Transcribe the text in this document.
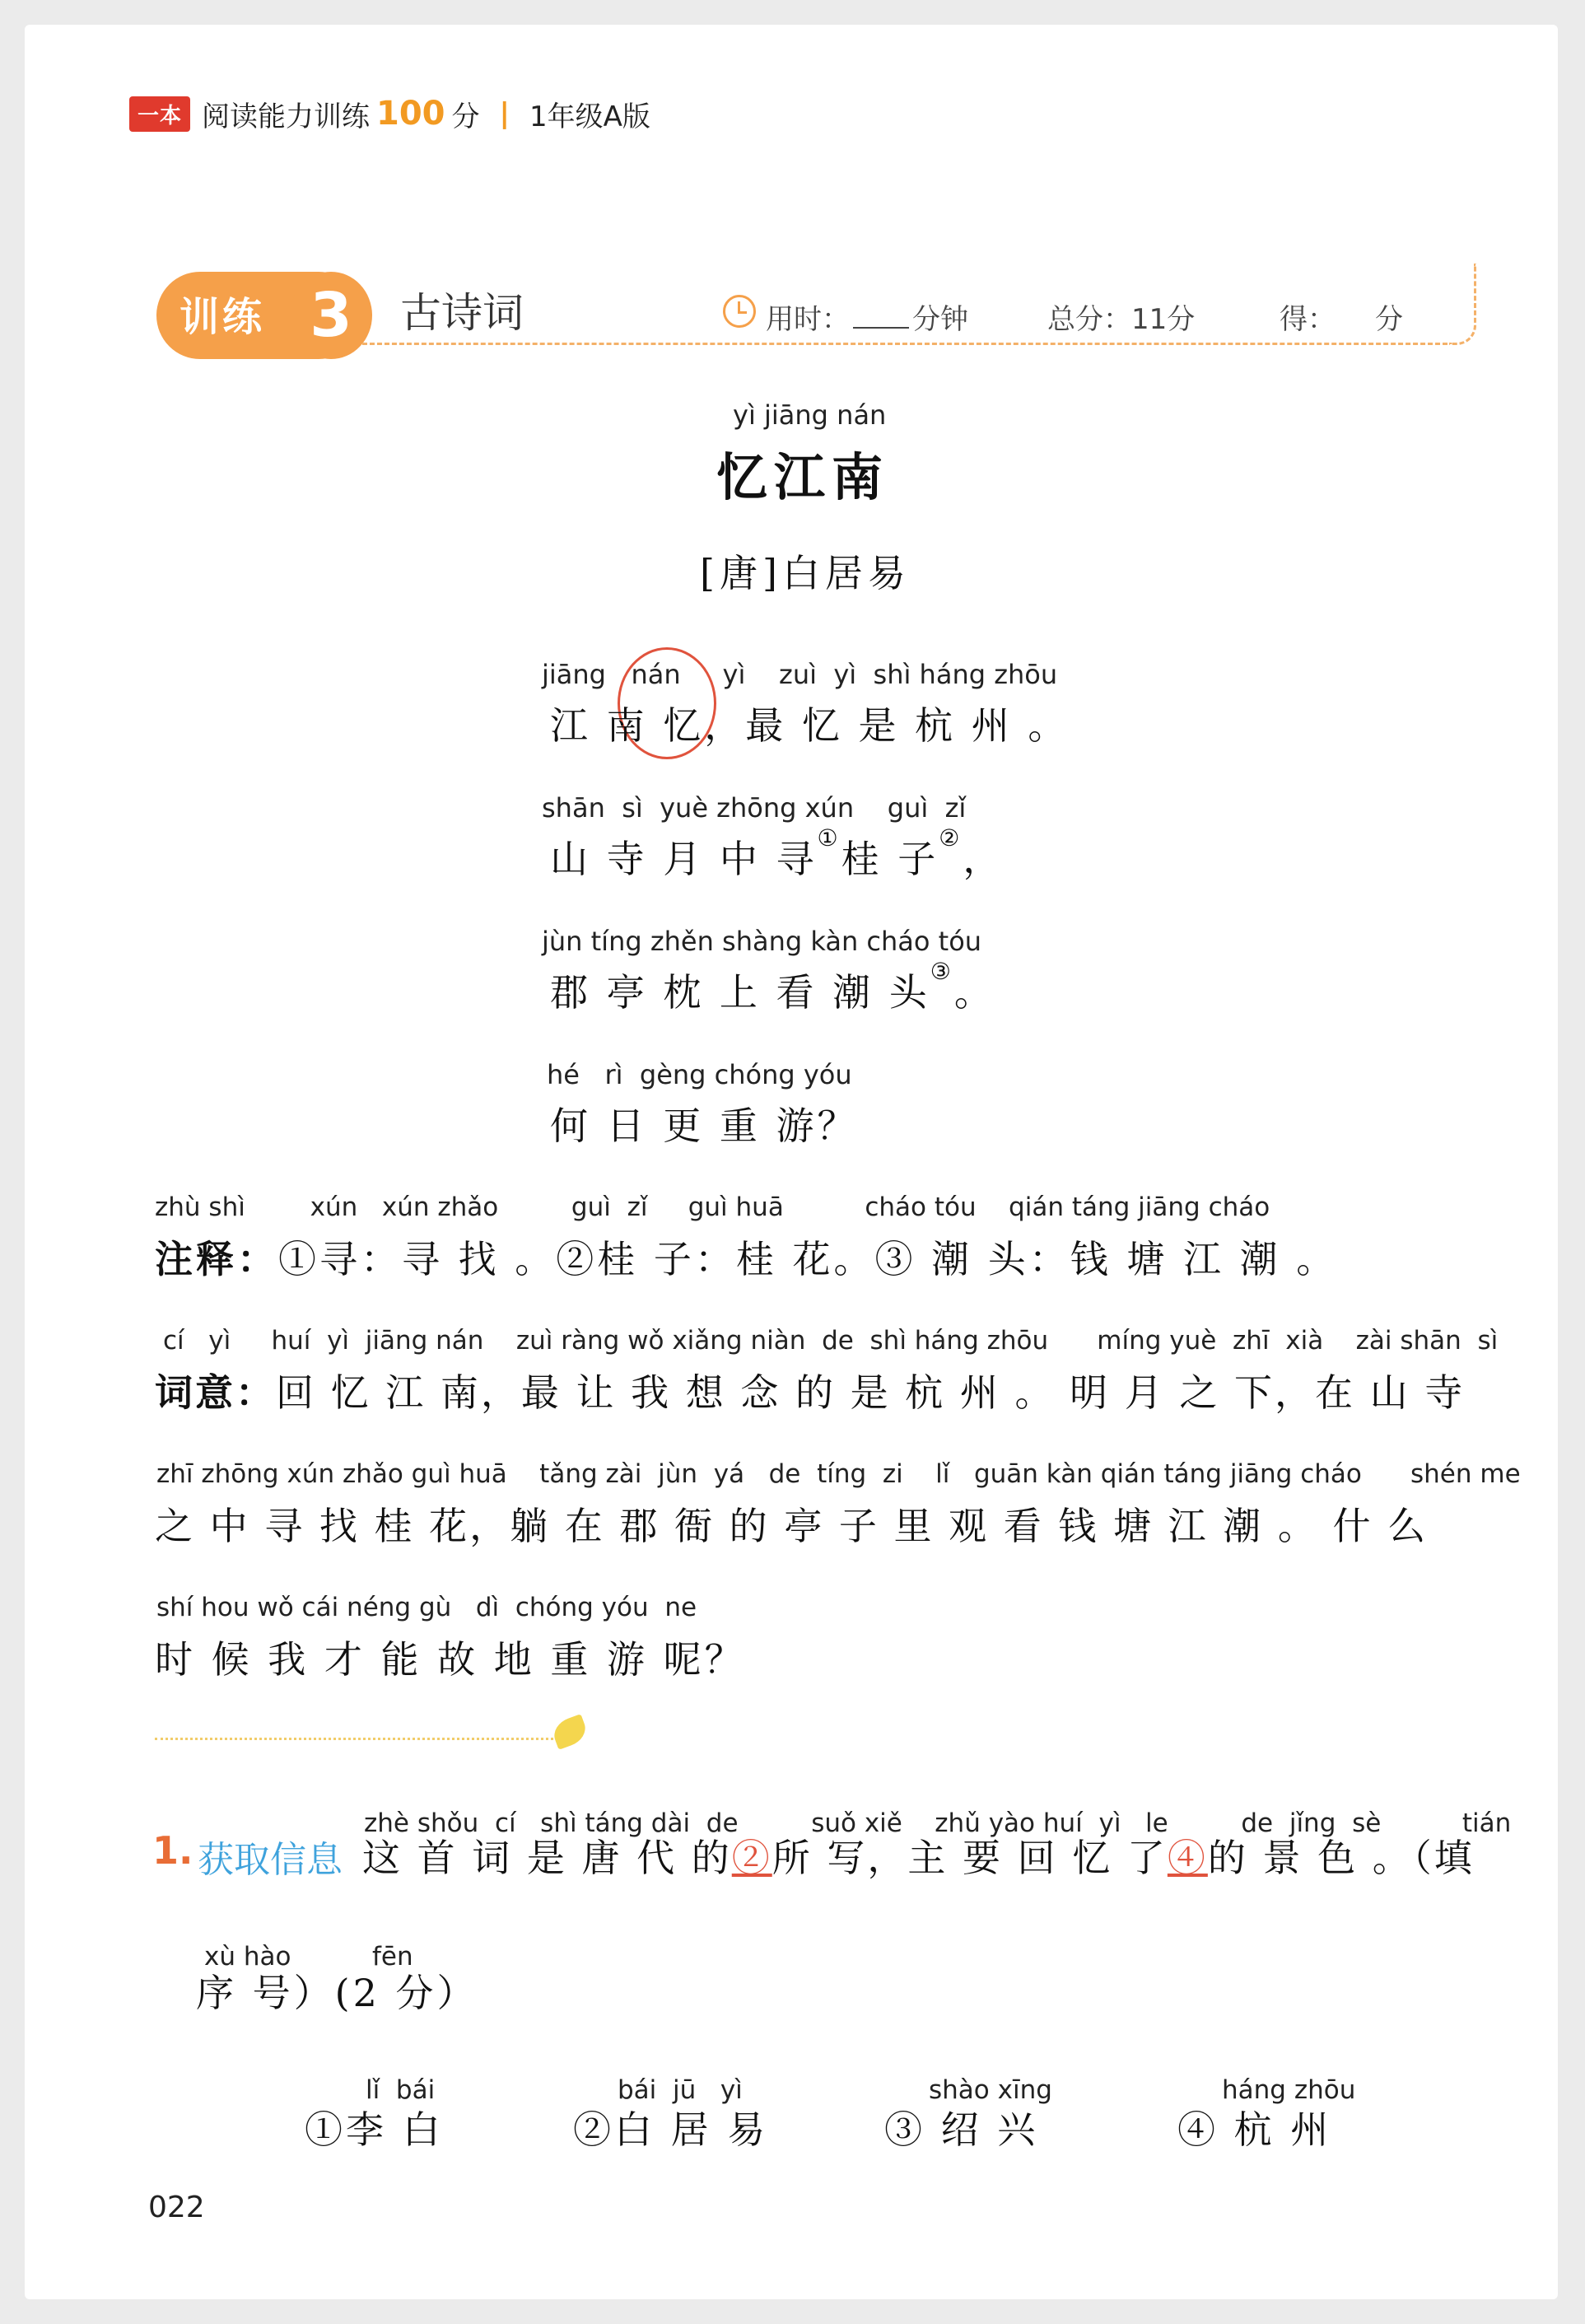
一本 阅读能力训练 100 分 | 1年级A版
训练 3	古诗词	用时： 分钟	总分：11分	得： 分
yì jiāng nán
忆江南
[唐]白居易
jiāng   nán     yì    zuì  yì  shì háng zhōu
江 南 忆，最 忆 是 杭 州 。
shān  sì  yuè zhōng xún    guì  zǐ
山 寺 月 中 寻①桂 子②，
jùn tíng zhěn shàng kàn cháo tóu
郡 亭 枕 上 看 潮 头③。
hé   rì  gèng chóng yóu
何 日 更 重 游？
zhù shì        xún   xún zhǎo         guì  zǐ     guì huā          cháo tóu    qián táng jiāng cháo
注释：①寻：寻 找 。②桂 子：桂 花。③ 潮 头：钱 塘 江 潮 。
cí   yì     huí  yì  jiāng nán    zuì ràng wǒ xiǎng niàn  de  shì háng zhōu      míng yuè  zhī  xià    zài shān  sì
词意：回 忆 江 南，最 让 我 想 念 的 是 杭 州 。 明 月 之 下，在 山 寺
zhī zhōng xún zhǎo guì huā    tǎng zài  jùn  yá   de  tíng  zi    lǐ   guān kàn qián táng jiāng cháo      shén me
之 中 寻 找 桂 花，躺 在 郡 衙 的 亭 子 里 观 看 钱 塘 江 潮 。 什 么
shí hou wǒ cái néng gù   dì  chóng yóu  ne
时 候 我 才 能 故 地 重 游 呢？
zhè shǒu  cí   shì táng dài  de         suǒ xiě    zhǔ yào huí  yì   le         de  jǐng  sè          tián
1. 获取信息 这 首 词 是 唐 代 的②所 写，主 要 回 忆 了④的 景 色 。（填
xù hào          fēn
序 号）(2 分）
lǐ  bái
①李 白
bái  jū   yì
②白 居 易
shào xīng
③ 绍 兴
háng zhōu
④ 杭 州
022
